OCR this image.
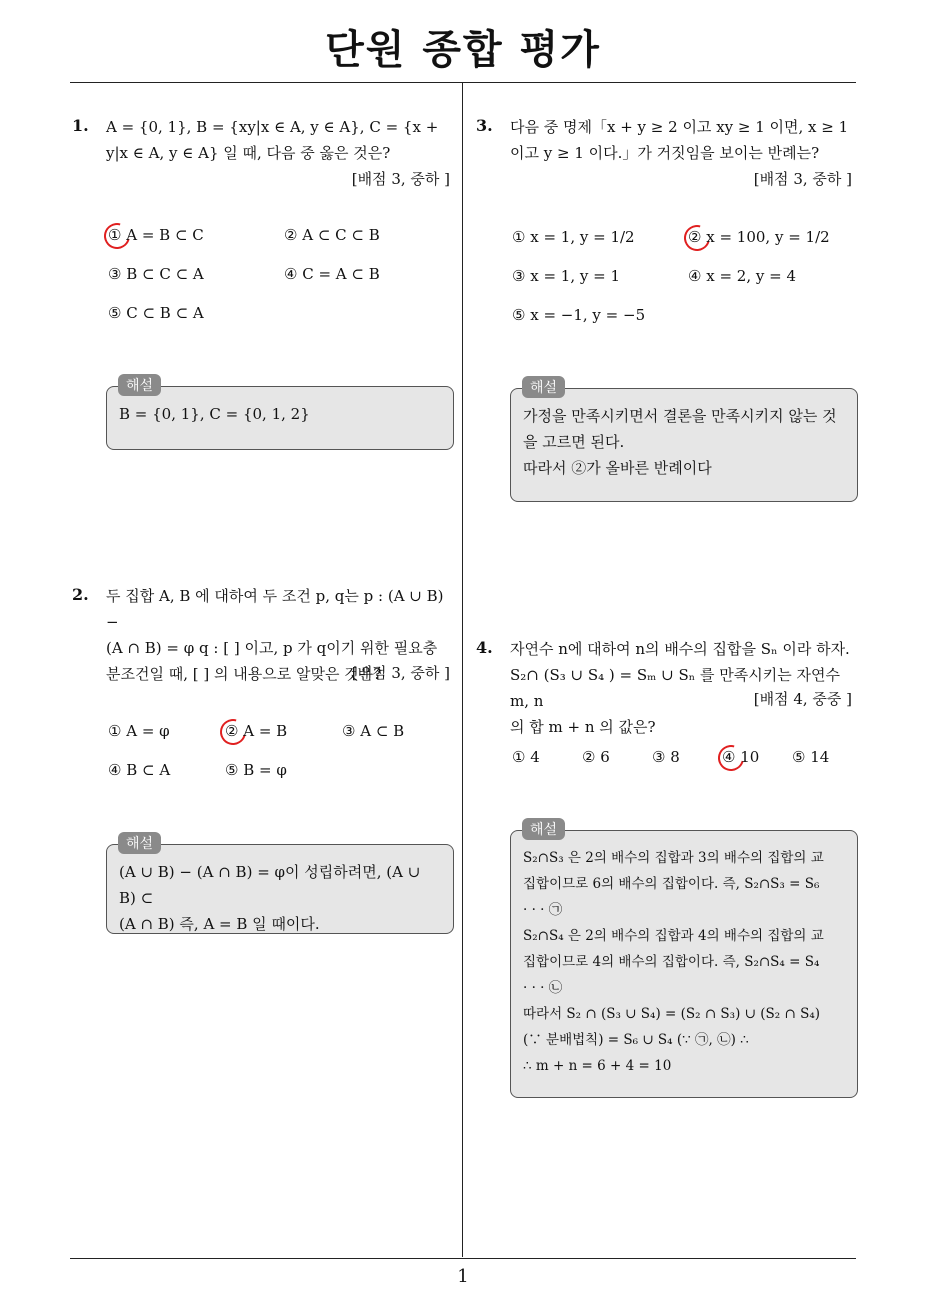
단원 종합 평가
1
1. A = {0, 1}, B = {xy|x ∈ A, y ∈ A}, C = {x +
y|x ∈ A, y ∈ A} 일 때, 다음 중 옳은 것은?
[배점 3, 중하 ]
① A = B ⊂ C	② A ⊂ C ⊂ B
③ B ⊂ C ⊂ A	④ C = A ⊂ B
⑤ C ⊂ B ⊂ A
B = {0, 1}, C = {0, 1, 2}
해설
2. 두 집합 A, B 에 대하여 두 조건 p, q는 p : (A ∪ B) −
(A ∩ B) = φ q : [ ] 이고, p 가 q이기 위한 필요충
분조건일 때, [ ] 의 내용으로 알맞은 것은?
[배점 3, 중하 ]
① A = φ	② A = B	③ A ⊂ B
④ B ⊂ A	⑤ B = φ
(A ∪ B) − (A ∩ B) = φ이 성립하려면, (A ∪ B) ⊂
(A ∩ B) 즉, A = B 일 때이다.
해설
3. 다음 중 명제「x + y ≥ 2 이고 xy ≥ 1 이면, x ≥ 1
이고 y ≥ 1 이다.」가 거짓임을 보이는 반례는?
[배점 3, 중하 ]
① x = 1, y = 1/2	② x = 100, y = 1/2
③ x = 1, y = 1	④ x = 2, y = 4
⑤ x = −1, y = −5
가정을 만족시키면서 결론을 만족시키지 않는 것
을 고르면 된다.
따라서 ②가 올바른 반례이다
해설
4. 자연수 n에 대하여 n의 배수의 집합을 Sₙ 이라 하자.
S₂∩ (S₃ ∪ S₄ ) = Sₘ ∪ Sₙ 를 만족시키는 자연수 m, n
의 합 m + n 의 값은?
[배점 4, 중중 ]
① 4	② 6	③ 8	④ 10 ⑤ 14
S₂∩S₃ 은 2의 배수의 집합과 3의 배수의 집합의 교
집합이므로 6의 배수의 집합이다. 즉, S₂∩S₃ = S₆
· · · ㉠
S₂∩S₄ 은 2의 배수의 집합과 4의 배수의 집합의 교
집합이므로 4의 배수의 집합이다. 즉, S₂∩S₄ = S₄
· · · ㉡
따라서 S₂ ∩ (S₃ ∪ S₄) = (S₂ ∩ S₃) ∪ (S₂ ∩ S₄)
(∵ 분배법칙) = S₆ ∪ S₄ (∵ ㉠, ㉡) ∴
∴ m + n = 6 + 4 = 10
해설
